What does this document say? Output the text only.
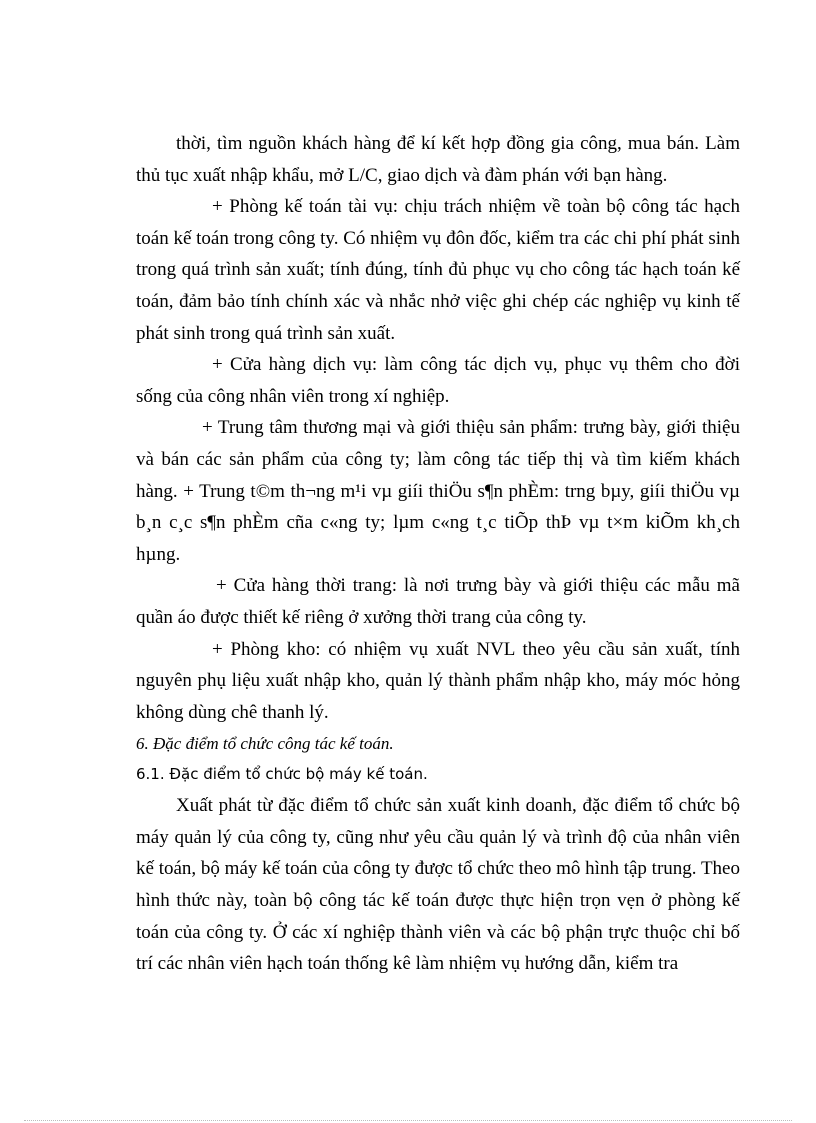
thời, tìm nguồn khách hàng để kí kết hợp đồng gia công, mua bán. Làm thủ tục xuất nhập khẩu, mở L/C, giao dịch và đàm phán với bạn hàng.

+ Phòng kế toán tài vụ: chịu trách nhiệm về toàn bộ công tác hạch toán kế toán trong công ty. Có nhiệm vụ đôn đốc, kiểm tra các chi phí phát sinh trong quá trình sản xuất; tính đúng, tính đủ phục vụ cho công tác hạch toán kế toán, đảm bảo tính chính xác và nhắc nhở việc ghi chép các nghiệp vụ kinh tế phát sinh trong quá trình sản xuất.

+ Cửa hàng dịch vụ: làm công tác dịch vụ, phục vụ thêm cho đời sống của công nhân viên trong xí nghiệp.

+ Trung tâm thương mại và giới thiệu sản phẩm: trưng bày, giới thiệu và bán các sản phẩm của công ty; làm công tác tiếp thị và tìm kiếm khách hàng. + Trung t©m th¬ng m¹i vµ giíi thiÖu s¶n phÈm: trng bµy, giíi thiÖu vµ b¸n c¸c s¶n phÈm cña c«ng ty; lµm c«ng t¸c tiÕp thÞ vµ t×m kiÕm kh¸ch hµng.

+ Cửa hàng thời trang: là nơi trưng bày và giới thiệu các mẫu mã quần áo được thiết kế riêng ở xưởng thời trang của công ty.

+ Phòng kho: có nhiệm vụ xuất NVL theo yêu cầu sản xuất, tính nguyên phụ liệu xuất nhập kho, quản lý thành phẩm nhập kho, máy móc hỏng không dùng chê thanh lý.

6. Đặc điểm tổ chức công tác kế toán.

6.1. Đặc điểm tổ chức bộ máy kế toán.

Xuất phát từ đặc điểm tổ chức sản xuất kinh doanh, đặc điểm tổ chức bộ máy quản lý của công ty, cũng như yêu cầu quản lý và trình độ của nhân viên kế toán, bộ máy kế toán của công ty được tổ chức theo mô hình tập trung. Theo hình thức này, toàn bộ công tác kế toán được thực hiện trọn vẹn ở phòng kế toán của công ty. Ở các xí nghiệp thành viên và các bộ phận trực thuộc chỉ bố trí các nhân viên hạch toán thống kê làm nhiệm vụ hướng dẫn, kiểm tra
